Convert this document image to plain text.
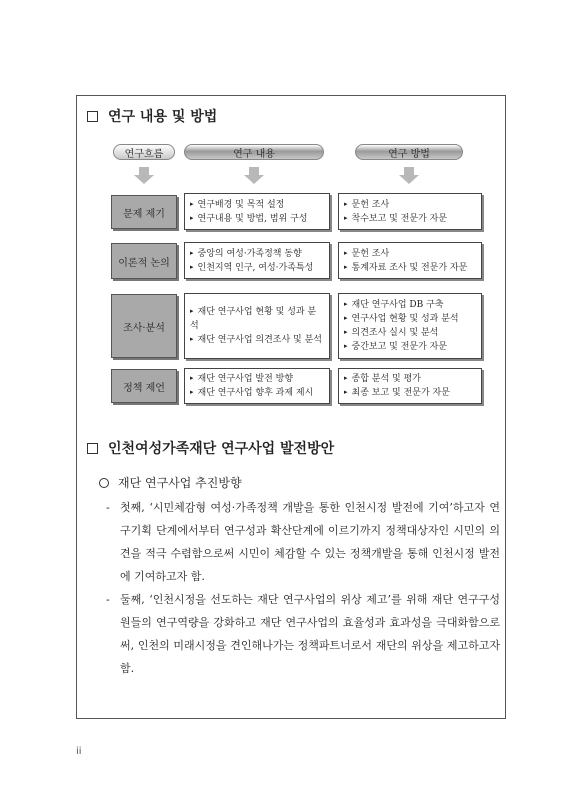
연구 내용 및 방법
연구흐름	연구 내용	연구 방법
문제 제기
▸ 연구배경 및 목적 설정
▸ 연구내용 및 방법, 범위 구성
▸ 문헌 조사
▸ 착수보고 및 전문가 자문
이론적 논의
▸ 중앙의 여성·가족정책 동향
▸ 인천지역 인구, 여성·가족특성
▸ 문헌 조사
▸ 통계자료 조사 및 전문가 자문
조사·분석
▸ 재단 연구사업 현황 및 성과 분석
▸ 재단 연구사업 의견조사 및 분석
▸ 재단 연구사업 DB 구축
▸ 연구사업 현황 및 성과 분석
▸ 의견조사 실시 및 분석
▸ 중간보고 및 전문가 자문
정책 제언
▸ 재단 연구사업 발전 방향
▸ 재단 연구사업 향후 과제 제시
▸ 종합 분석 및 평가
▸ 최종 보고 및 전문가 자문
인천여성가족재단 연구사업 발전방안
재단 연구사업 추진방향
- 첫째, ‘시민체감형 여성·가족정책 개발을 통한 인천시정 발전에 기여’하고자 연구기획 단계에서부터 연구성과 확산단계에 이르기까지 정책대상자인 시민의 의견을 적극 수렴함으로써 시민이 체감할 수 있는 정책개발을 통해 인천시정 발전에 기여하고자 함.
- 둘째, ‘인천시정을 선도하는 재단 연구사업의 위상 제고’를 위해 재단 연구구성원들의 연구역량을 강화하고 재단 연구사업의 효율성과 효과성을 극대화함으로써, 인천의 미래시정을 견인해나가는 정책파트너로서 재단의 위상을 제고하고자 함.
ii
